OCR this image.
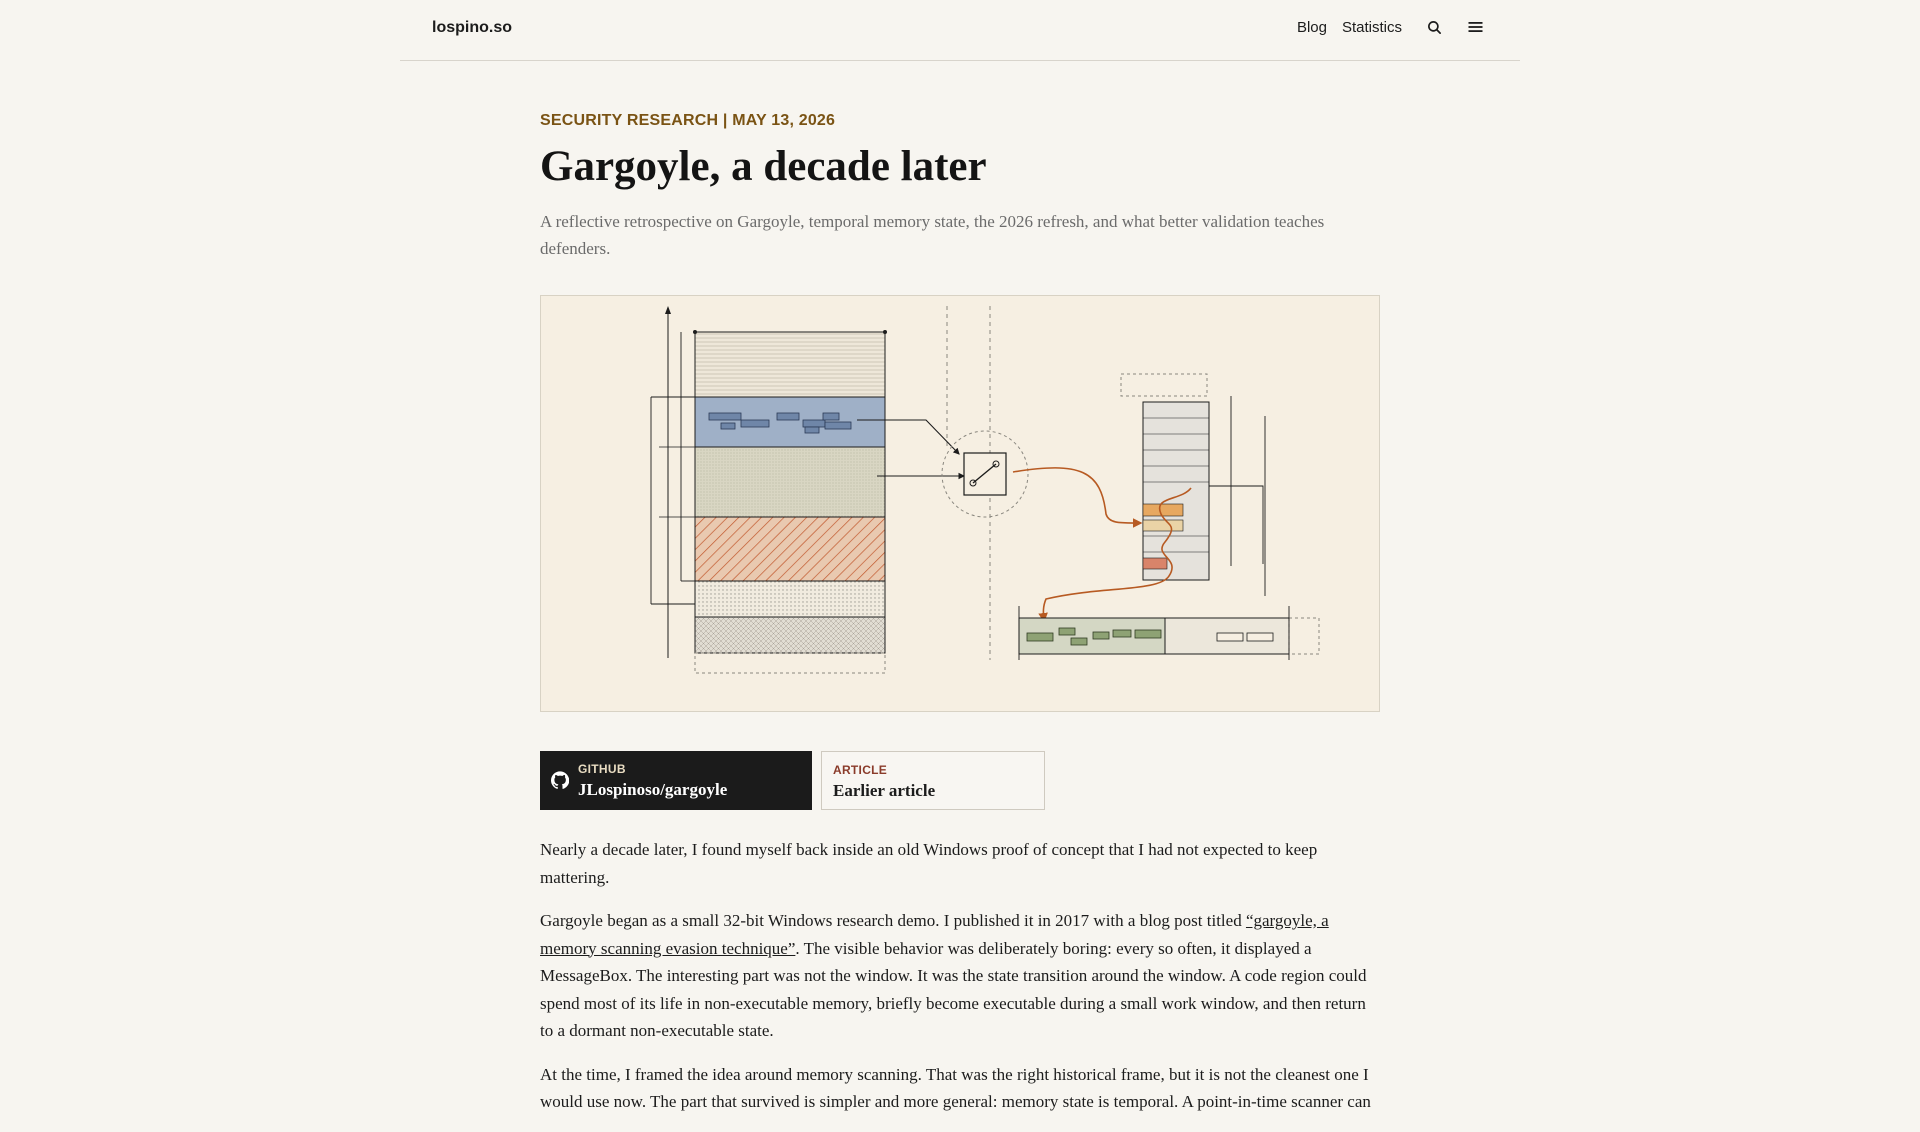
lospino.so	Blog Statistics
SECURITY RESEARCH | MAY 13, 2026
Gargoyle, a decade later

A reflective retrospective on Gargoyle, temporal memory state, the 2026 refresh, and what better validation teaches defenders.

GITHUB
JLospinoso/gargoyle
ARTICLE
Earlier article

Nearly a decade later, I found myself back inside an old Windows proof of concept that I had not expected to keep mattering.

Gargoyle began as a small 32-bit Windows research demo. I published it in 2017 with a blog post titled “gargoyle, a memory scanning evasion technique”. The visible behavior was deliberately boring: every so often, it displayed a MessageBox. The interesting part was not the window. It was the state transition around the window. A code region could spend most of its life in non-executable memory, briefly become executable during a small work window, and then return to a dormant non-executable state.

At the time, I framed the idea around memory scanning. That was the right historical frame, but it is not the cleanest one I would use now. The part that survived is simpler and more general: memory state is temporal. A point-in-time scanner can
